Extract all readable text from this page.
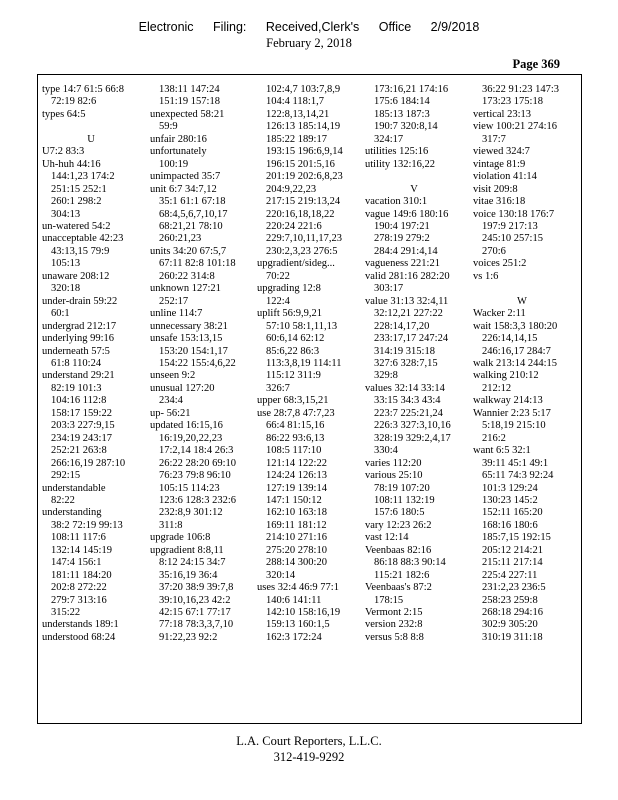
Electronic Filing: Received,Clerk's Office 2/9/2018
February 2, 2018
Page 369
type 14:7 61:5 66:8
72:19 82:6
types 64:5

U
U7:2 83:3
Uh-huh 44:16
144:1,23 174:2
251:15 252:1
260:1 298:2
304:13
un-watered 54:2
unacceptable 42:23
43:13,15 79:9
105:13
unaware 208:12
320:18
under-drain 59:22
60:1
undergrad 212:17
underlying 99:16
underneath 57:5
61:8 110:24
understand 29:21
82:19 101:3
104:16 112:8
158:17 159:22
203:3 227:9,15
234:19 243:17
252:21 263:8
266:16,19 287:10
292:15
understandable
82:22
understanding
38:2 72:19 99:13
108:11 117:6
132:14 145:19
147:4 156:1
181:11 184:20
202:8 272:22
279:7 313:16
315:22
understands 189:1
understood 68:24
138:11 147:24
151:19 157:18
unexpected 58:21
59:9
unfair 280:16
unfortunately
100:19
unimpacted 35:7
unit 6:7 34:7,12
35:1 61:1 67:18
68:4,5,6,7,10,17
68:21,21 78:10
260:21,23
units 34:20 67:5,7
67:11 82:8 101:18
260:22 314:8
unknown 127:21
252:17
unline 114:7
unnecessary 38:21
unsafe 153:13,15
153:20 154:1,17
154:22 155:4,6,22
unseen 9:2
unusual 127:20
234:4
up- 56:21
updated 16:15,16
16:19,20,22,23
17:2,14 18:4 26:3
26:22 28:20 69:10
76:23 79:8 96:10
105:15 114:23
123:6 128:3 232:6
232:8,9 301:12
311:8
upgrade 106:8
upgradient 8:8,11
8:12 24:15 34:7
35:16,19 36:4
37:20 38:9 39:7,8
39:10,16,23 42:2
42:15 67:1 77:17
77:18 78:3,3,7,10
91:22,23 92:2
102:4,7 103:7,8,9
104:4 118:1,7
122:8,13,14,21
126:13 185:14,19
185:22 189:17
193:15 196:6,9,14
196:15 201:5,16
201:19 202:6,8,23
204:9,22,23
217:15 219:13,24
220:16,18,18,22
220:24 221:6
229:7,10,11,17,23
230:2,3,23 276:5
upgradient/sideg...
70:22
upgrading 12:8
122:4
uplift 56:9,9,21
57:10 58:1,11,13
60:6,14 62:12
85:6,22 86:3
113:3,8,19 114:11
115:12 311:9
326:7
upper 68:3,15,21
use 28:7,8 47:7,23
66:4 81:15,16
86:22 93:6,13
108:5 117:10
121:14 122:22
124:24 126:13
127:19 139:14
147:1 150:12
162:10 163:18
169:11 181:12
214:10 271:16
275:20 278:10
288:14 300:20
320:14
uses 32:4 46:9 77:1
140:6 141:11
142:10 158:16,19
159:13 160:1,5
162:3 172:24
173:16,21 174:16
175:6 184:14
185:13 187:3
190:7 320:8,14
324:17
utilities 125:16
utility 132:16,22

V
vacation 310:1
vague 149:6 180:16
190:4 197:21
278:19 279:2
284:4 291:4,14
vagueness 221:21
valid 281:16 282:20
303:17
value 31:13 32:4,11
32:12,21 227:22
228:14,17,20
233:17,17 247:24
314:19 315:18
327:6 328:7,15
329:8
values 32:14 33:14
33:15 34:3 43:4
223:7 225:21,24
226:3 327:3,10,16
328:19 329:2,4,17
330:4
varies 112:20
various 25:10
78:19 107:20
108:11 132:19
157:6 180:5
vary 12:23 26:2
vast 12:14
Veenbaas 82:16
86:18 88:3 90:14
115:21 182:6
Veenbaas's 87:2
178:15
Vermont 2:15
version 232:8
versus 5:8 8:8
36:22 91:23 147:3
173:23 175:18
vertical 23:13
view 100:21 274:16
317:7
viewed 324:7
vintage 81:9
violation 41:14
visit 209:8
vitae 316:18
voice 130:18 176:7
197:9 217:13
245:10 257:15
270:6
voices 251:2
vs 1:6

W
Wacker 2:11
wait 158:3,3 180:20
226:14,14,15
246:16,17 284:7
walk 213:14 244:15
walking 210:12
212:12
walkway 214:13
Wannier 2:23 5:17
5:18,19 215:10
216:2
want 6:5 32:1
39:11 45:1 49:1
65:11 74:3 92:24
101:3 129:24
130:23 145:2
152:11 165:20
168:16 180:6
185:7,15 192:15
205:12 214:21
215:11 217:14
225:4 227:11
231:2,23 236:5
258:23 259:8
268:18 294:16
302:9 305:20
310:19 311:18
L.A. Court Reporters, L.L.C.
312-419-9292
